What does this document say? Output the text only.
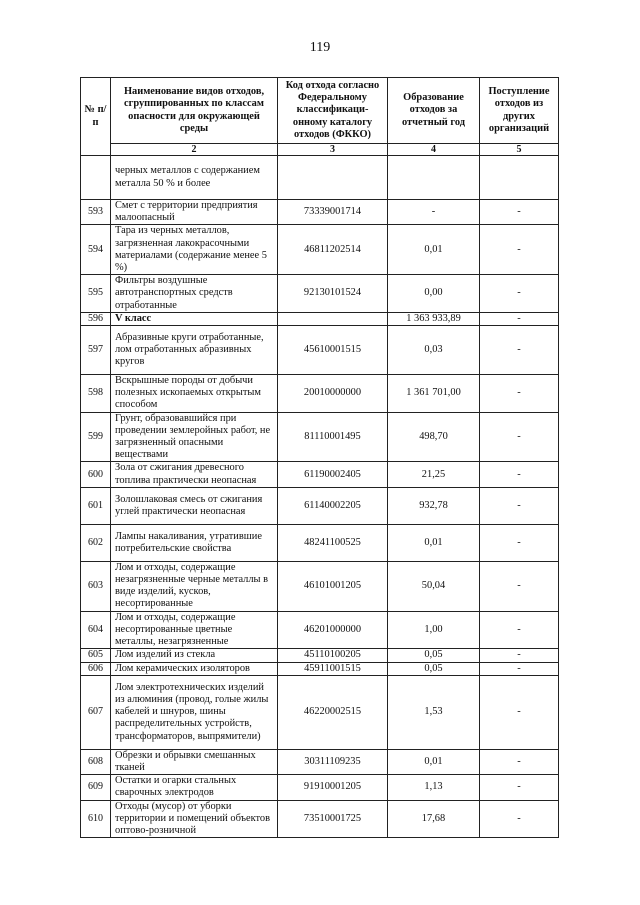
119
№ п/п	Наименование видов отходов, сгруппированных по классам опасности для окружающей среды	Код отхода согласно Федеральному классификаци-онному каталогу отходов (ФККО)	Образование отходов за отчетный год	Поступление отходов из других организаций
	2	3	4	5
	черных металлов с содержанием металла 50 % и более			
593	Смет с территории предприятия малоопасный	73339001714	-	-
594	Тара из черных металлов, загрязненная лакокрасочными материалами (содержание менее 5 %)	46811202514	0,01	-
595	Фильтры воздушные автотранспортных средств отработанные	92130101524	0,00	-
596	V класс		1 363 933,89	-
597	Абразивные круги отработанные, лом отработанных абразивных кругов	45610001515	0,03	-
598	Вскрышные породы от добычи полезных ископаемых открытым способом	20010000000	1 361 701,00	-
599	Грунт, образовавшийся при проведении землеройных работ, не загрязненный опасными веществами	81110001495	498,70	-
600	Зола от сжигания древесного топлива практически неопасная	61190002405	21,25	-
601	Золошлаковая смесь от сжигания углей практически неопасная	61140002205	932,78	-
602	Лампы накаливания, утратившие потребительские свойства	48241100525	0,01	-
603	Лом и отходы, содержащие незагрязненные черные металлы в виде изделий, кусков, несортированные	46101001205	50,04	-
604	Лом и отходы, содержащие несортированные цветные металлы, незагрязненные	46201000000	1,00	-
605	Лом изделий из стекла	45110100205	0,05	-
606	Лом керамических изоляторов	45911001515	0,05	-
607	Лом электротехнических изделий из алюминия (провод, голые жилы кабелей и шнуров, шины распределительных устройств, трансформаторов, выпрямители)	46220002515	1,53	-
608	Обрезки и обрывки смешанных тканей	30311109235	0,01	-
609	Остатки и огарки стальных сварочных электродов	91910001205	1,13	-
610	Отходы (мусор) от уборки территории и помещений объектов оптово-розничной	73510001725	17,68	-
